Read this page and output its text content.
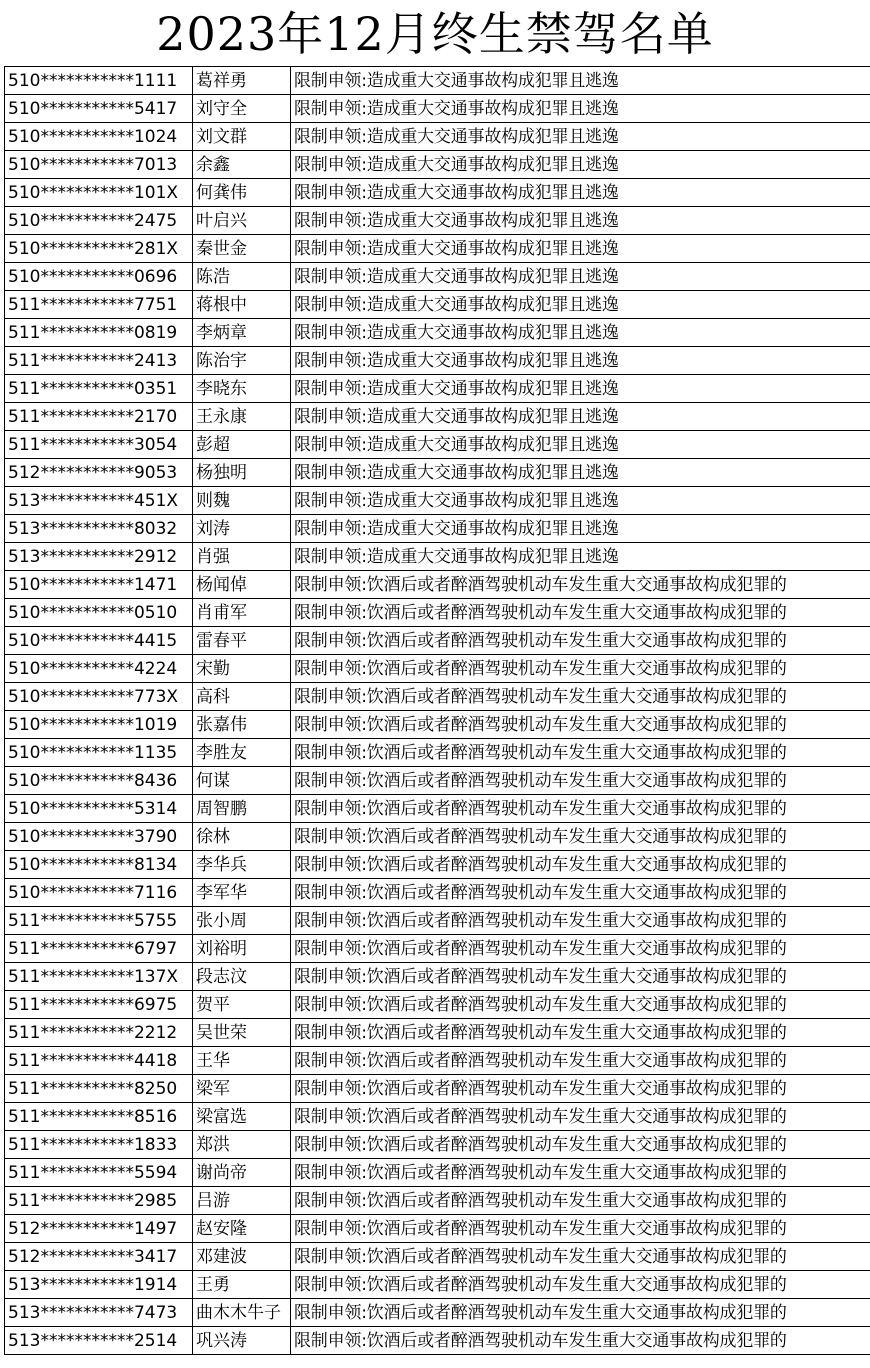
2023年12月终生禁驾名单
510***********1111	葛祥勇	限制申领:造成重大交通事故构成犯罪且逃逸
510***********5417	刘守全	限制申领:造成重大交通事故构成犯罪且逃逸
510***********1024	刘文群	限制申领:造成重大交通事故构成犯罪且逃逸
510***********7013	余鑫	限制申领:造成重大交通事故构成犯罪且逃逸
510***********101X	何龚伟	限制申领:造成重大交通事故构成犯罪且逃逸
510***********2475	叶启兴	限制申领:造成重大交通事故构成犯罪且逃逸
510***********281X	秦世金	限制申领:造成重大交通事故构成犯罪且逃逸
510***********0696	陈浩	限制申领:造成重大交通事故构成犯罪且逃逸
511***********7751	蒋根中	限制申领:造成重大交通事故构成犯罪且逃逸
511***********0819	李炳章	限制申领:造成重大交通事故构成犯罪且逃逸
511***********2413	陈治宇	限制申领:造成重大交通事故构成犯罪且逃逸
511***********0351	李晓东	限制申领:造成重大交通事故构成犯罪且逃逸
511***********2170	王永康	限制申领:造成重大交通事故构成犯罪且逃逸
511***********3054	彭超	限制申领:造成重大交通事故构成犯罪且逃逸
512***********9053	杨独明	限制申领:造成重大交通事故构成犯罪且逃逸
513***********451X	则魏	限制申领:造成重大交通事故构成犯罪且逃逸
513***********8032	刘涛	限制申领:造成重大交通事故构成犯罪且逃逸
513***********2912	肖强	限制申领:造成重大交通事故构成犯罪且逃逸
510***********1471	杨闻倬	限制申领:饮酒后或者醉酒驾驶机动车发生重大交通事故构成犯罪的
510***********0510	肖甫军	限制申领:饮酒后或者醉酒驾驶机动车发生重大交通事故构成犯罪的
510***********4415	雷春平	限制申领:饮酒后或者醉酒驾驶机动车发生重大交通事故构成犯罪的
510***********4224	宋勤	限制申领:饮酒后或者醉酒驾驶机动车发生重大交通事故构成犯罪的
510***********773X	高科	限制申领:饮酒后或者醉酒驾驶机动车发生重大交通事故构成犯罪的
510***********1019	张嘉伟	限制申领:饮酒后或者醉酒驾驶机动车发生重大交通事故构成犯罪的
510***********1135	李胜友	限制申领:饮酒后或者醉酒驾驶机动车发生重大交通事故构成犯罪的
510***********8436	何谋	限制申领:饮酒后或者醉酒驾驶机动车发生重大交通事故构成犯罪的
510***********5314	周智鹏	限制申领:饮酒后或者醉酒驾驶机动车发生重大交通事故构成犯罪的
510***********3790	徐林	限制申领:饮酒后或者醉酒驾驶机动车发生重大交通事故构成犯罪的
510***********8134	李华兵	限制申领:饮酒后或者醉酒驾驶机动车发生重大交通事故构成犯罪的
510***********7116	李军华	限制申领:饮酒后或者醉酒驾驶机动车发生重大交通事故构成犯罪的
511***********5755	张小周	限制申领:饮酒后或者醉酒驾驶机动车发生重大交通事故构成犯罪的
511***********6797	刘裕明	限制申领:饮酒后或者醉酒驾驶机动车发生重大交通事故构成犯罪的
511***********137X	段志汶	限制申领:饮酒后或者醉酒驾驶机动车发生重大交通事故构成犯罪的
511***********6975	贺平	限制申领:饮酒后或者醉酒驾驶机动车发生重大交通事故构成犯罪的
511***********2212	吴世荣	限制申领:饮酒后或者醉酒驾驶机动车发生重大交通事故构成犯罪的
511***********4418	王华	限制申领:饮酒后或者醉酒驾驶机动车发生重大交通事故构成犯罪的
511***********8250	梁军	限制申领:饮酒后或者醉酒驾驶机动车发生重大交通事故构成犯罪的
511***********8516	梁富选	限制申领:饮酒后或者醉酒驾驶机动车发生重大交通事故构成犯罪的
511***********1833	郑洪	限制申领:饮酒后或者醉酒驾驶机动车发生重大交通事故构成犯罪的
511***********5594	谢尚帝	限制申领:饮酒后或者醉酒驾驶机动车发生重大交通事故构成犯罪的
511***********2985	吕游	限制申领:饮酒后或者醉酒驾驶机动车发生重大交通事故构成犯罪的
512***********1497	赵安隆	限制申领:饮酒后或者醉酒驾驶机动车发生重大交通事故构成犯罪的
512***********3417	邓建波	限制申领:饮酒后或者醉酒驾驶机动车发生重大交通事故构成犯罪的
513***********1914	王勇	限制申领:饮酒后或者醉酒驾驶机动车发生重大交通事故构成犯罪的
513***********7473	曲木木牛子	限制申领:饮酒后或者醉酒驾驶机动车发生重大交通事故构成犯罪的
513***********2514	巩兴涛	限制申领:饮酒后或者醉酒驾驶机动车发生重大交通事故构成犯罪的
